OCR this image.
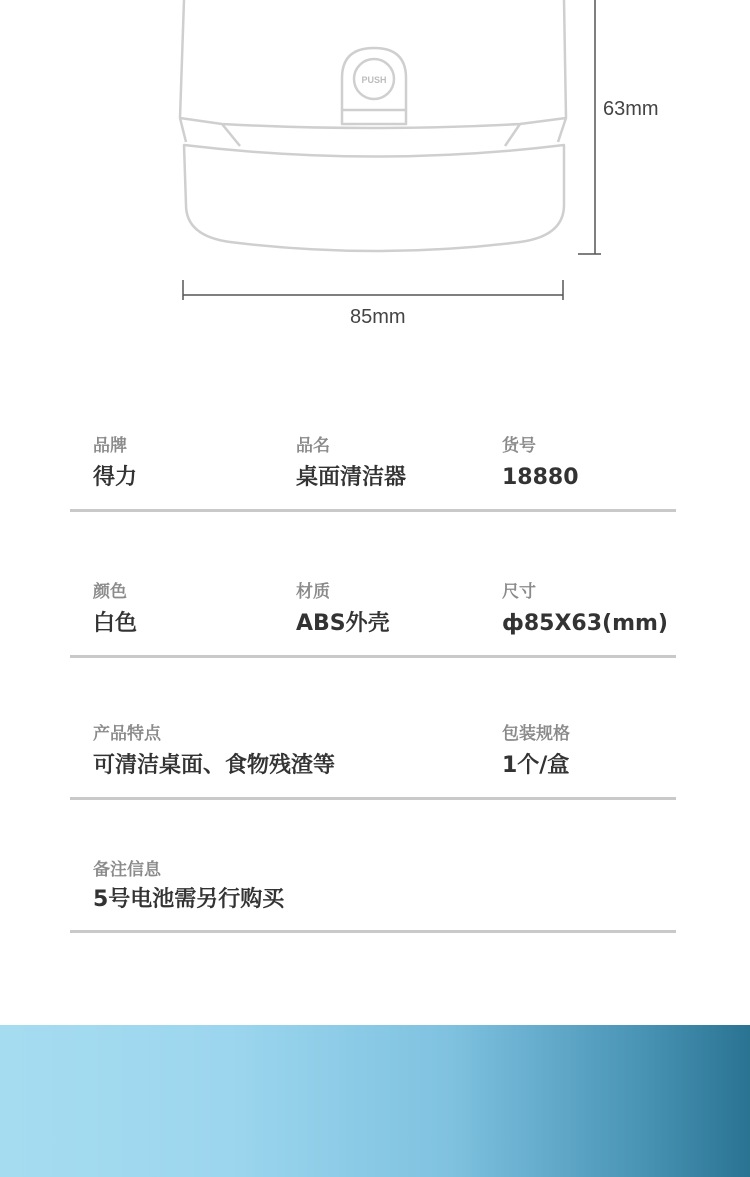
PUSH
63mm
85mm
品牌
得力
品名
桌面清洁器
货号
18880
颜色
白色
材质
ABS外壳
尺寸
ф85X63(mm)
产品特点
可清洁桌面、食物残渣等
包装规格
1个/盒
备注信息
5号电池需另行购买
